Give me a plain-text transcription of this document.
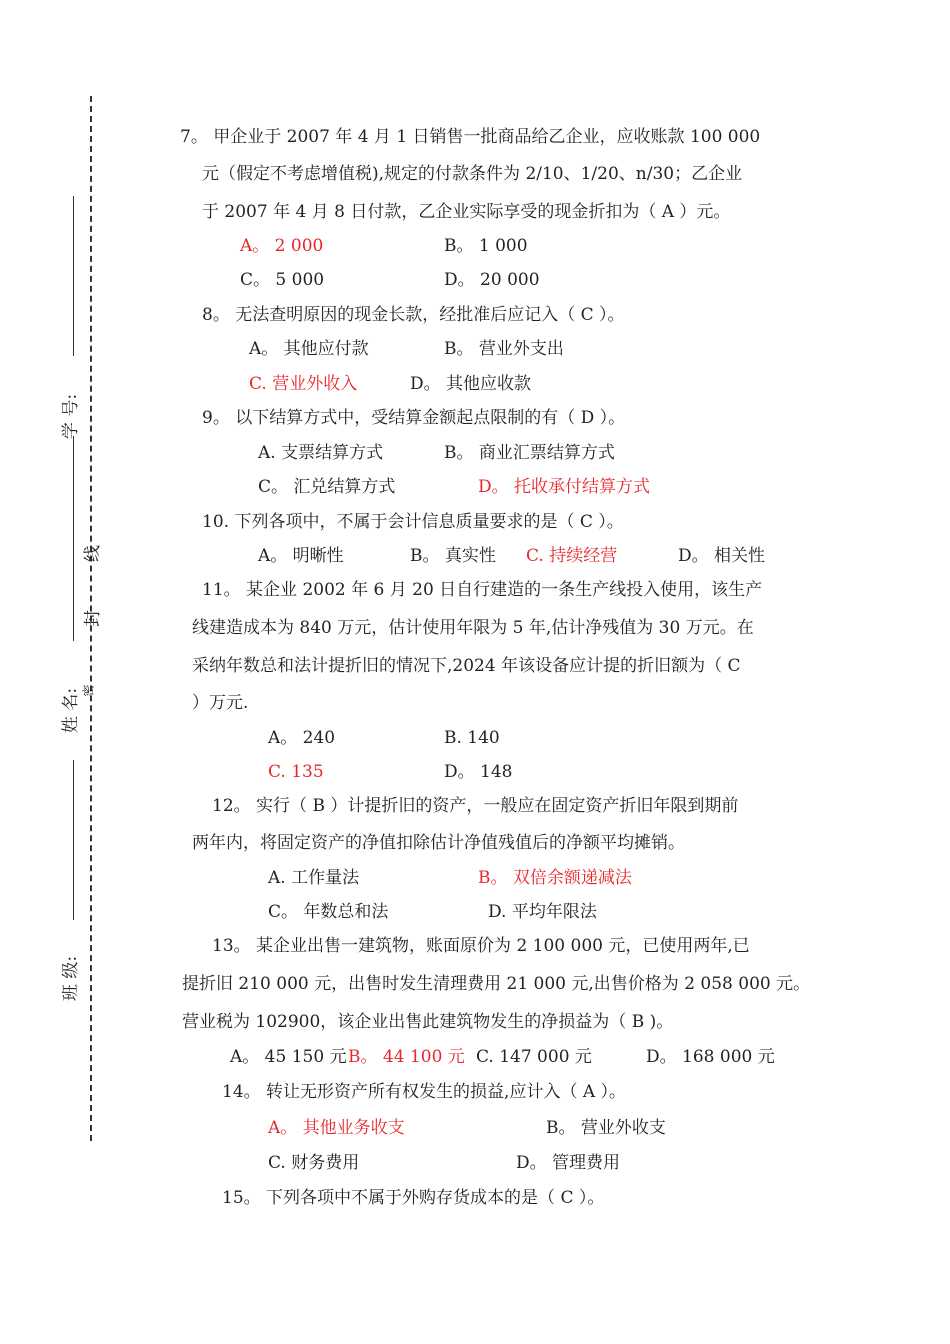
学 号:
线
封
姓 名: 密
班 级:
7。 甲企业于 2007 年 4 月 1 日销售一批商品给乙企业，应收账款 100 000
元（假定不考虑增值税),规定的付款条件为 2/10、1/20、n/30；乙企业
于 2007 年 4 月 8 日付款，乙企业实际享受的现金折扣为（ A ）元。
A。 2 000	B。 1 000
C。 5 000	D。 20 000
8。 无法查明原因的现金长款，经批准后应记入（ C ）。
A。 其他应付款	B。 营业外支出
C. 营业外收入	D。 其他应收款
9。 以下结算方式中，受结算金额起点限制的有（ D ）。
A. 支票结算方式	B。 商业汇票结算方式
C。 汇兑结算方式	D。 托收承付结算方式
10. 下列各项中，不属于会计信息质量要求的是（ C ）。
A。 明晰性	B。 真实性 C. 持续经营	D。 相关性
11。 某企业 2002 年 6 月 20 日自行建造的一条生产线投入使用，该生产
线建造成本为 840 万元，估计使用年限为 5 年,估计净残值为 30 万元。在
采纳年数总和法计提折旧的情况下,2024 年该设备应计提的折旧额为（ C
）万元.
A。 240	B. 140
C. 135	D。 148
12。 实行（ B ）计提折旧的资产，一般应在固定资产折旧年限到期前
两年内，将固定资产的净值扣除估计净值残值后的净额平均摊销。
A. 工作量法	B。 双倍余额递减法
C。 年数总和法	D. 平均年限法
13。 某企业出售一建筑物，账面原价为 2 100 000 元，已使用两年,已
提折旧 210 000 元，出售时发生清理费用 21 000 元,出售价格为 2 058 000 元。
营业税为 102900，该企业出售此建筑物发生的净损益为（ B )。
A。 45 150 元 B。 44 100 元 C. 147 000 元	D。 168 000 元
14。 转让无形资产所有权发生的损益,应计入（ A ）。
A。 其他业务收支	B。 营业外收支
C. 财务费用	D。 管理费用
15。 下列各项中不属于外购存货成本的是（ C ）。
